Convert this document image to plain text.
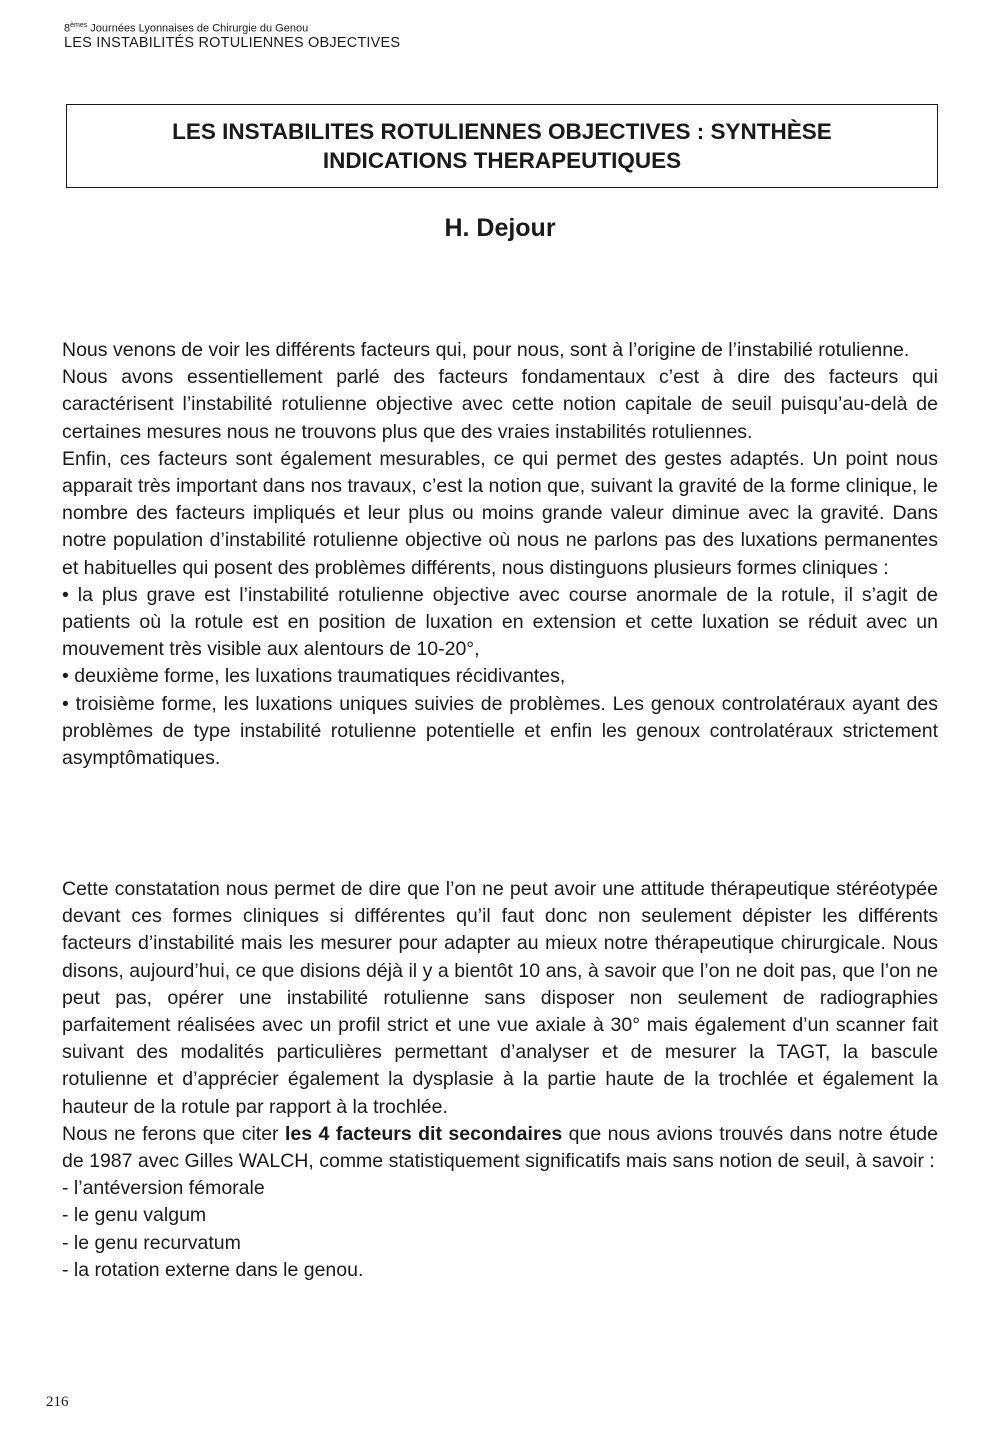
8èmes Journées Lyonnaises de Chirurgie du Genou
LES INSTABILITÉS ROTULIENNES OBJECTIVES
LES INSTABILITES ROTULIENNES OBJECTIVES : SYNTHÈSE
INDICATIONS THERAPEUTIQUES
H. Dejour

Nous venons de voir les différents facteurs qui, pour nous, sont à l’origine de l’instabilié rotulienne.

Nous avons essentiellement parlé des facteurs fondamentaux c’est à dire des facteurs qui caractérisent l’instabilité rotulienne objective avec cette notion capitale de seuil puisqu’au-delà de certaines mesures nous ne trouvons plus que des vraies instabilités rotuliennes.

Enfin, ces facteurs sont également mesurables, ce qui permet des gestes adaptés. Un point nous apparait très important dans nos travaux, c’est la notion que, suivant la gravité de la forme clinique, le nombre des facteurs impliqués et leur plus ou moins grande valeur diminue avec la gravité. Dans notre population d’instabilité rotulienne objective où nous ne parlons pas des luxations permanentes et habituelles qui posent des problèmes différents, nous distinguons plusieurs formes cliniques :

• la plus grave est l’instabilité rotulienne objective avec course anormale de la rotule, il s’agit de patients où la rotule est en position de luxation en extension et cette luxation se réduit avec un mouvement très visible aux alentours de 10-20°,

• deuxième forme, les luxations traumatiques récidivantes,

• troisième forme, les luxations uniques suivies de problèmes. Les genoux controlatéraux ayant des problèmes de type instabilité rotulienne potentielle et enfin les genoux controlatéraux strictement asymptômatiques.

Cette constatation nous permet de dire que l’on ne peut avoir une attitude thérapeutique stéréotypée devant ces formes cliniques si différentes qu’il faut donc non seulement dépister les différents facteurs d’instabilité mais les mesurer pour adapter au mieux notre thérapeutique chirurgicale. Nous disons, aujourd’hui, ce que disions déjà il y a bientôt 10 ans, à savoir que l’on ne doit pas, que l’on ne peut pas, opérer une instabilité rotulienne sans disposer non seulement de radiographies parfaitement réalisées avec un profil strict et une vue axiale à 30° mais également d’un scanner fait suivant des modalités particulières permettant d’analyser et de mesurer la TAGT, la bascule rotulienne et d’apprécier également la dysplasie à la partie haute de la trochlée et également la hauteur de la rotule par rapport à la trochlée.

Nous ne ferons que citer les 4 facteurs dit secondaires que nous avions trouvés dans notre étude de 1987 avec Gilles WALCH, comme statistiquement significatifs mais sans notion de seuil, à savoir :

- l’antéversion fémorale

- le genu valgum

- le genu recurvatum

- la rotation externe dans le genou.

216
